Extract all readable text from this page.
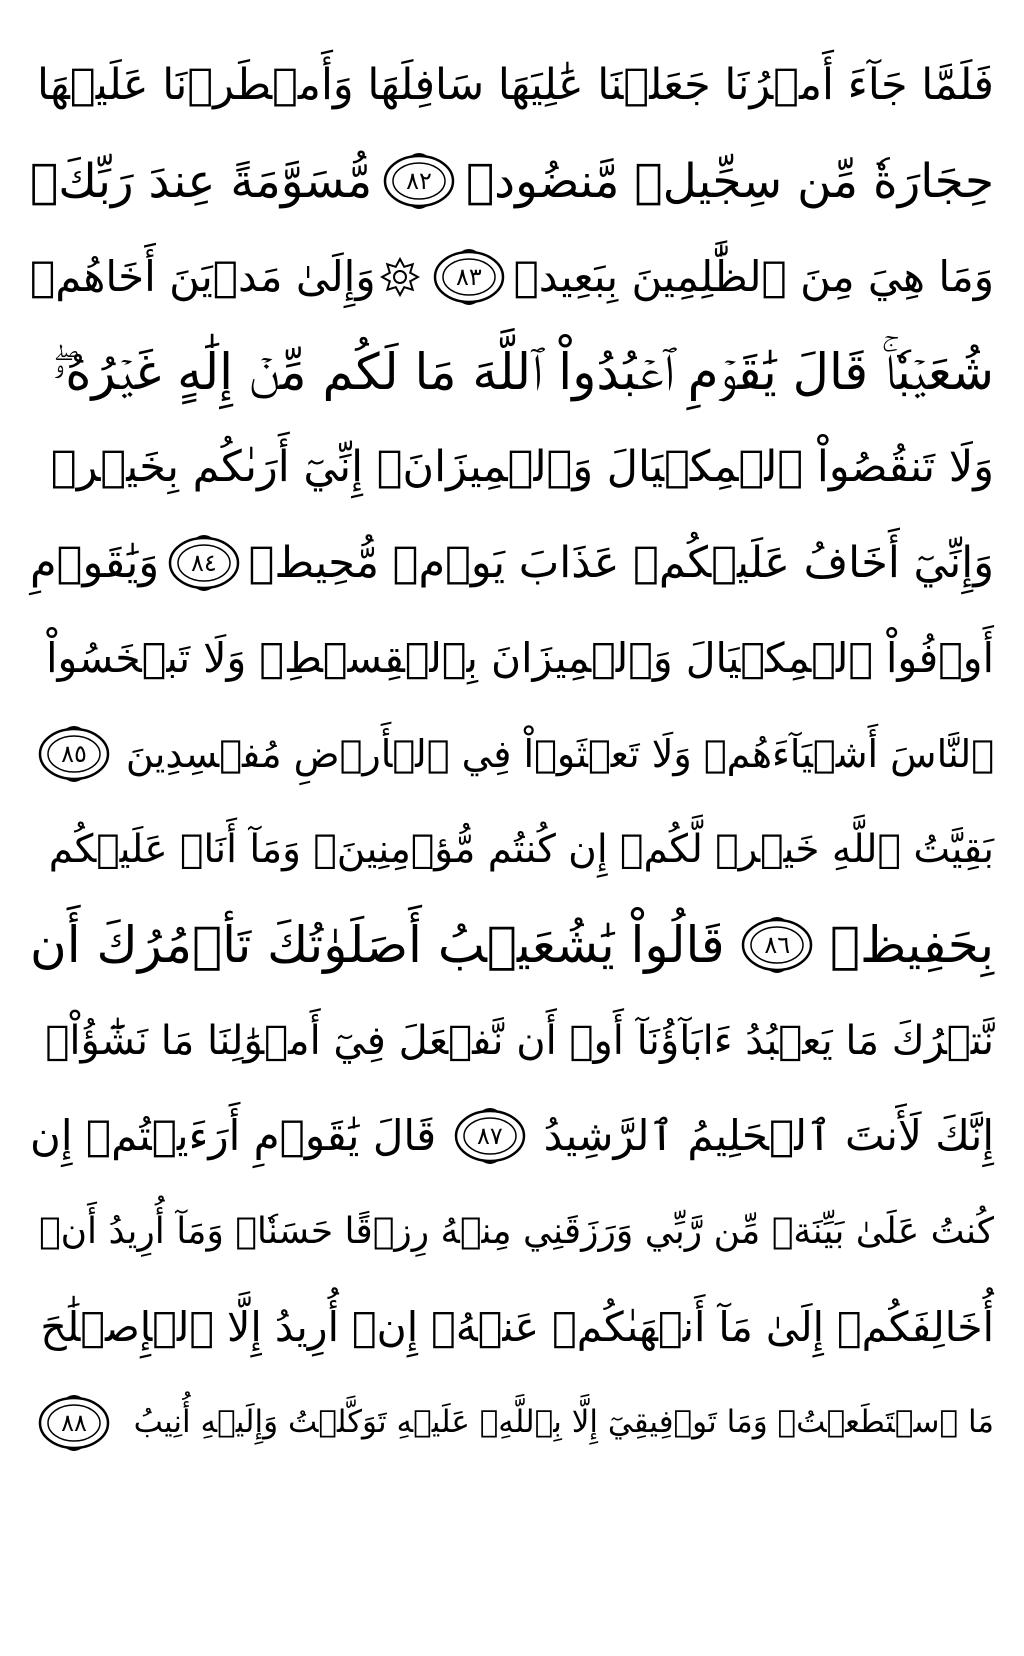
فَلَمَّا جَآءَ أَمۡرُنَا جَعَلۡنَا عَٰلِيَهَا سَافِلَهَا وَأَمۡطَرۡنَا عَلَيۡهَا
حِجَارَةٗ مِّن سِجِّيلٖ مَّنضُودٖ
٨٢
مُّسَوَّمَةً عِندَ رَبِّكَۖ
وَمَا هِيَ مِنَ ٱلظَّٰلِمِينَ بِبَعِيدٖ
٨٣
وَإِلَىٰ مَدۡيَنَ أَخَاهُمۡ
شُعَيۡبٗاۚ قَالَ يَٰقَوۡمِ ٱعۡبُدُواْ ٱللَّهَ مَا لَكُم مِّنۡ إِلَٰهٍ غَيۡرُهُۥۖ
وَلَا تَنقُصُواْ ٱلۡمِكۡيَالَ وَٱلۡمِيزَانَۖ إِنِّيٓ أَرَىٰكُم بِخَيۡرٖ
وَإِنِّيٓ أَخَافُ عَلَيۡكُمۡ عَذَابَ يَوۡمٖ مُّحِيطٖ
٨٤
وَيَٰقَوۡمِ
أَوۡفُواْ ٱلۡمِكۡيَالَ وَٱلۡمِيزَانَ بِٱلۡقِسۡطِۖ وَلَا تَبۡخَسُواْ
ٱلنَّاسَ أَشۡيَآءَهُمۡ وَلَا تَعۡثَوۡاْ فِي ٱلۡأَرۡضِ مُفۡسِدِينَ
٨٥
بَقِيَّتُ ٱللَّهِ خَيۡرٞ لَّكُمۡ إِن كُنتُم مُّؤۡمِنِينَۚ وَمَآ أَنَا۠ عَلَيۡكُم
بِحَفِيظٖ
٨٦
قَالُواْ يَٰشُعَيۡبُ أَصَلَوٰتُكَ تَأۡمُرُكَ أَن
نَّتۡرُكَ مَا يَعۡبُدُ ءَابَآؤُنَآ أَوۡ أَن نَّفۡعَلَ فِيٓ أَمۡوَٰلِنَا مَا نَشَٰٓؤُاْۖ
إِنَّكَ لَأَنتَ ٱلۡحَلِيمُ ٱلرَّشِيدُ
٨٧
قَالَ يَٰقَوۡمِ أَرَءَيۡتُمۡ إِن
كُنتُ عَلَىٰ بَيِّنَةٖ مِّن رَّبِّي وَرَزَقَنِي مِنۡهُ رِزۡقًا حَسَنٗاۚ وَمَآ أُرِيدُ أَنۡ
أُخَالِفَكُمۡ إِلَىٰ مَآ أَنۡهَىٰكُمۡ عَنۡهُۚ إِنۡ أُرِيدُ إِلَّا ٱلۡإِصۡلَٰحَ
مَا ٱسۡتَطَعۡتُۚ وَمَا تَوۡفِيقِيٓ إِلَّا بِٱللَّهِۚ عَلَيۡهِ تَوَكَّلۡتُ وَإِلَيۡهِ أُنِيبُ
٨٨
